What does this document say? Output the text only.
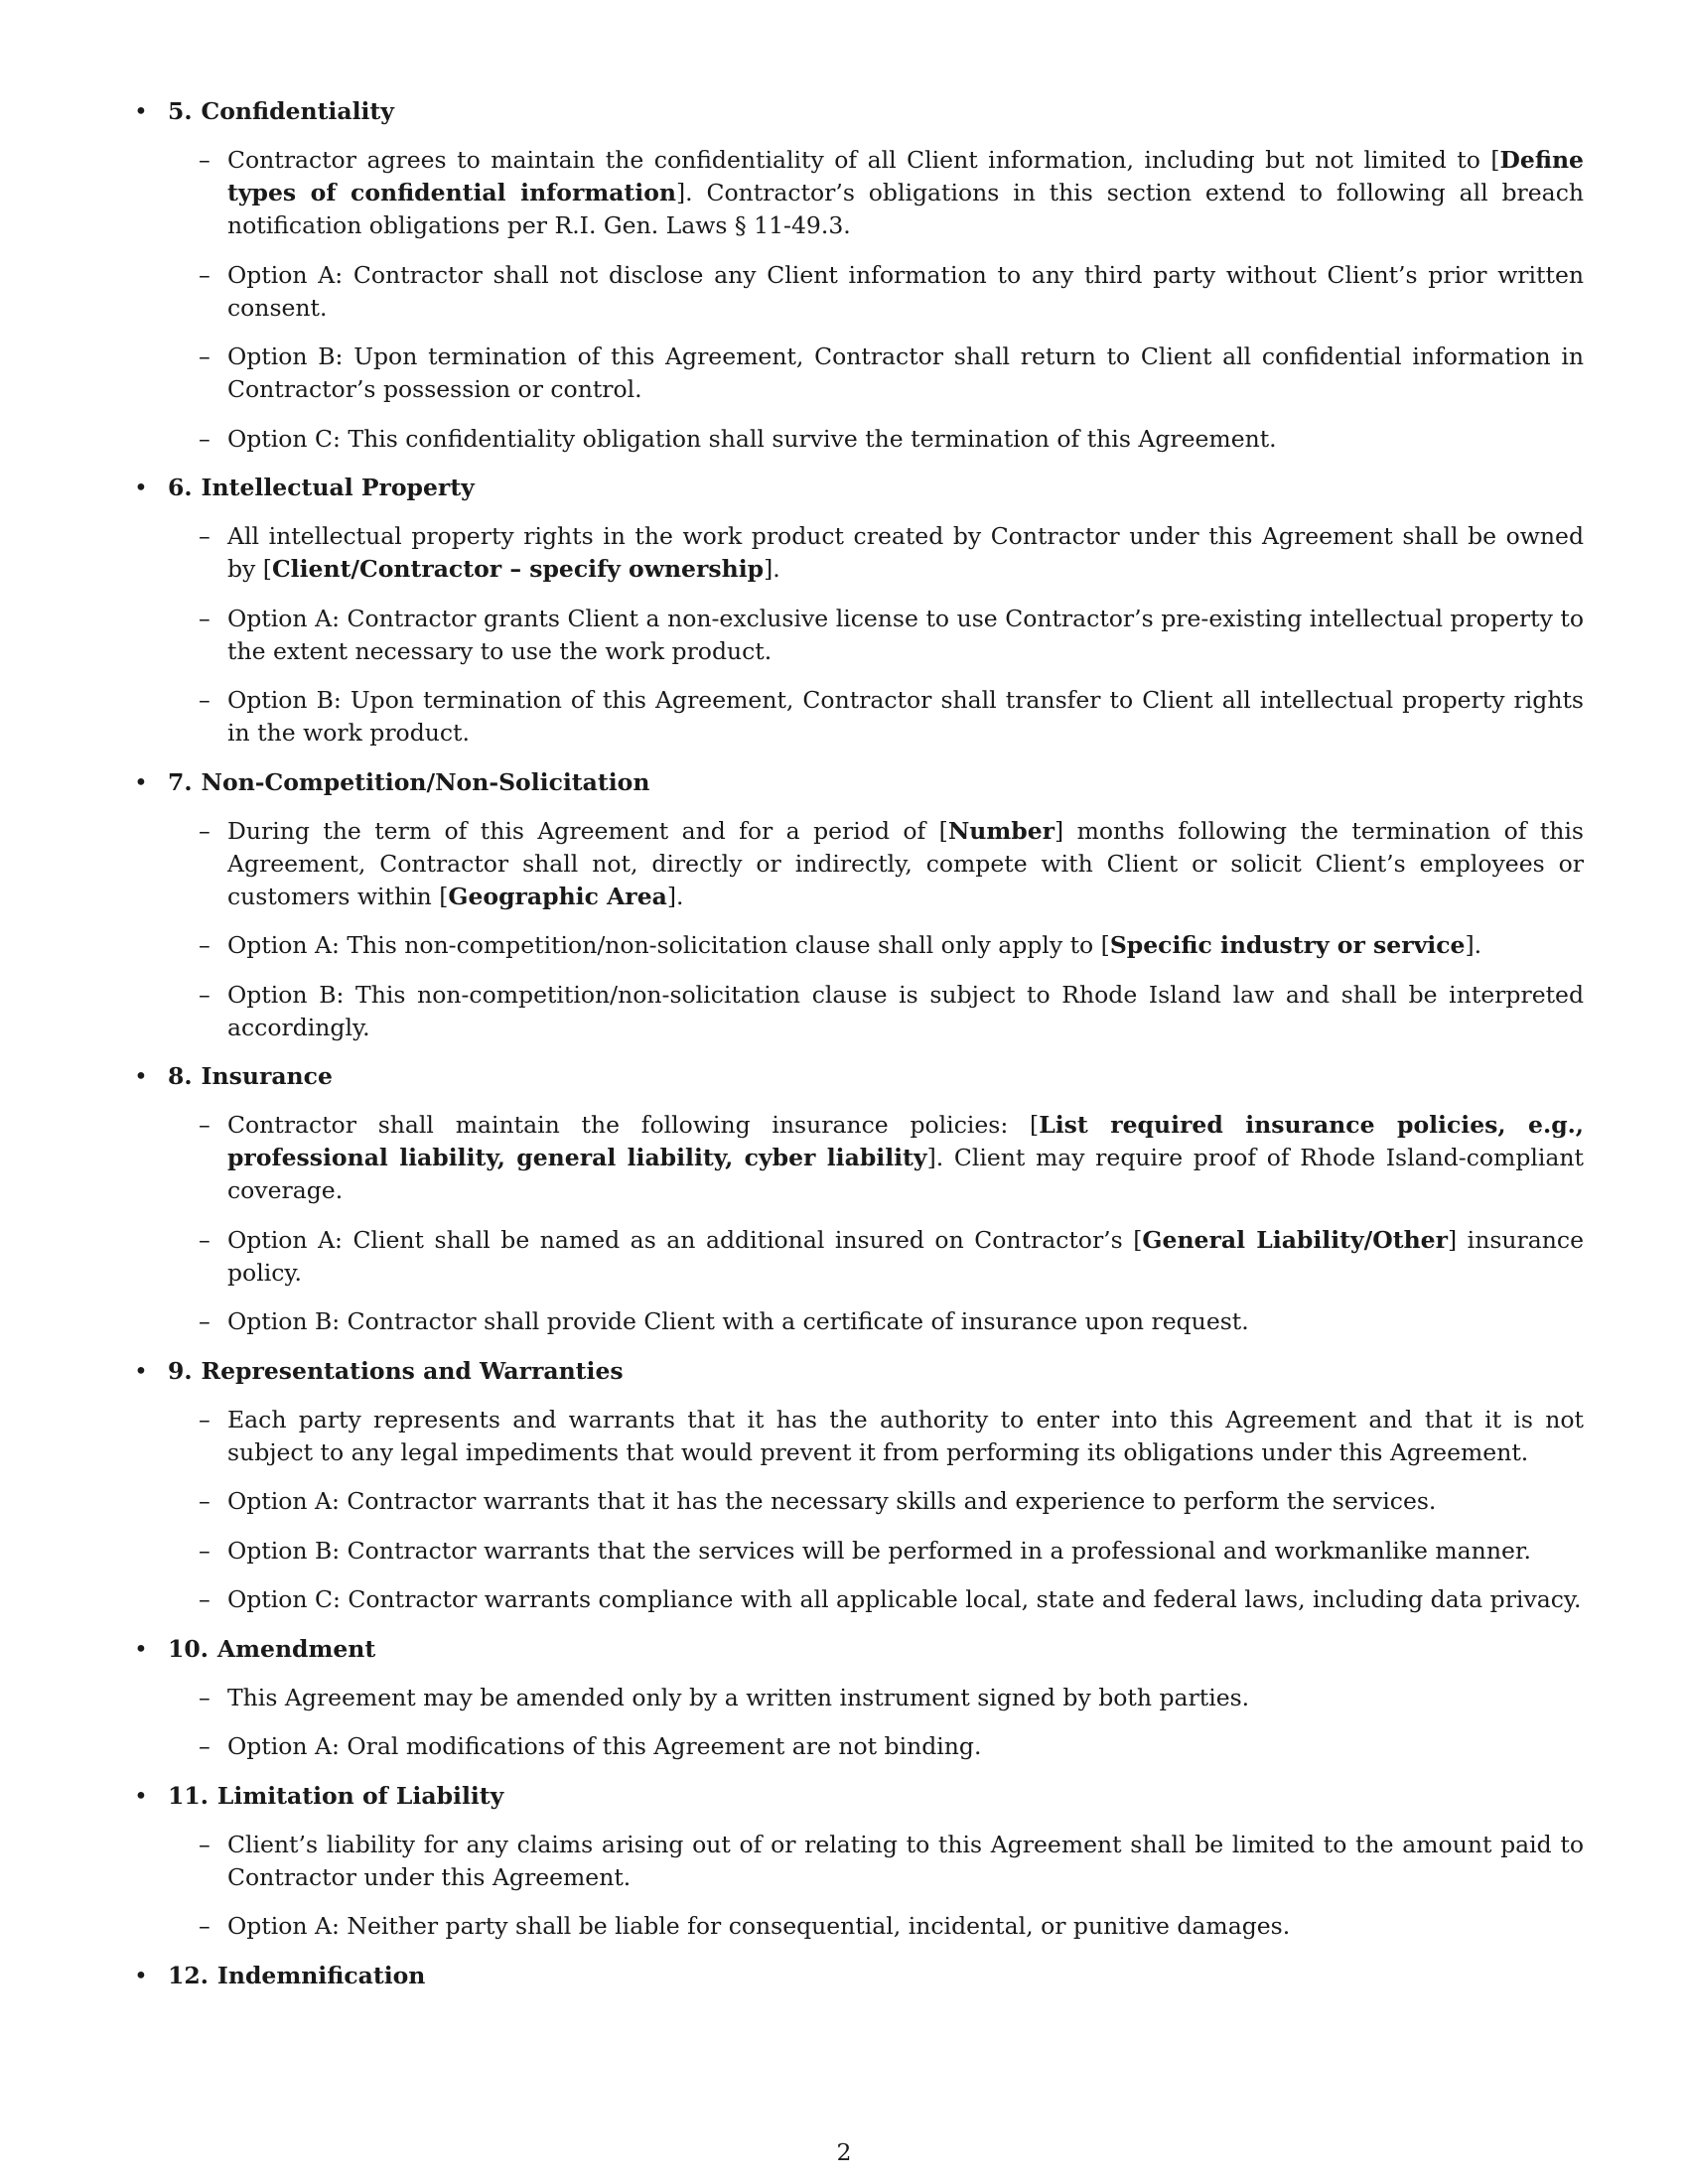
• 5. Confidentiality
– Contractor agrees to maintain the confidentiality of all Client information, including but not limited to [Define types of confidential information]. Contractor’s obligations in this section extend to following all breach notification obligations per R.I. Gen. Laws § 11-49.3.
– Option A: Contractor shall not disclose any Client information to any third party without Client’s prior written consent.
– Option B: Upon termination of this Agreement, Contractor shall return to Client all confidential information in Contractor’s possession or control.
– Option C: This confidentiality obligation shall survive the termination of this Agreement.
• 6. Intellectual Property
– All intellectual property rights in the work product created by Contractor under this Agreement shall be owned by [Client/Contractor – specify ownership].
– Option A: Contractor grants Client a non-exclusive license to use Contractor’s pre-existing intellectual property to the extent necessary to use the work product.
– Option B: Upon termination of this Agreement, Contractor shall transfer to Client all intellectual property rights in the work product.
• 7. Non-Competition/Non-Solicitation
– During the term of this Agreement and for a period of [Number] months following the termination of this Agreement, Contractor shall not, directly or indirectly, compete with Client or solicit Client’s employees or customers within [Geographic Area].
– Option A: This non-competition/non-solicitation clause shall only apply to [Specific industry or service].
– Option B: This non-competition/non-solicitation clause is subject to Rhode Island law and shall be interpreted accordingly.
• 8. Insurance
– Contractor shall maintain the following insurance policies: [List required insurance policies, e.g., professional liability, general liability, cyber liability]. Client may require proof of Rhode Island-compliant coverage.
– Option A: Client shall be named as an additional insured on Contractor’s [General Liability/Other] insurance policy.
– Option B: Contractor shall provide Client with a certificate of insurance upon request.
• 9. Representations and Warranties
– Each party represents and warrants that it has the authority to enter into this Agreement and that it is not subject to any legal impediments that would prevent it from performing its obligations under this Agreement.
– Option A: Contractor warrants that it has the necessary skills and experience to perform the services.
– Option B: Contractor warrants that the services will be performed in a professional and workmanlike manner.
– Option C: Contractor warrants compliance with all applicable local, state and federal laws, including data privacy.
• 10. Amendment
– This Agreement may be amended only by a written instrument signed by both parties.
– Option A: Oral modifications of this Agreement are not binding.
• 11. Limitation of Liability
– Client’s liability for any claims arising out of or relating to this Agreement shall be limited to the amount paid to Contractor under this Agreement.
– Option A: Neither party shall be liable for consequential, incidental, or punitive damages.
• 12. Indemnification
2
